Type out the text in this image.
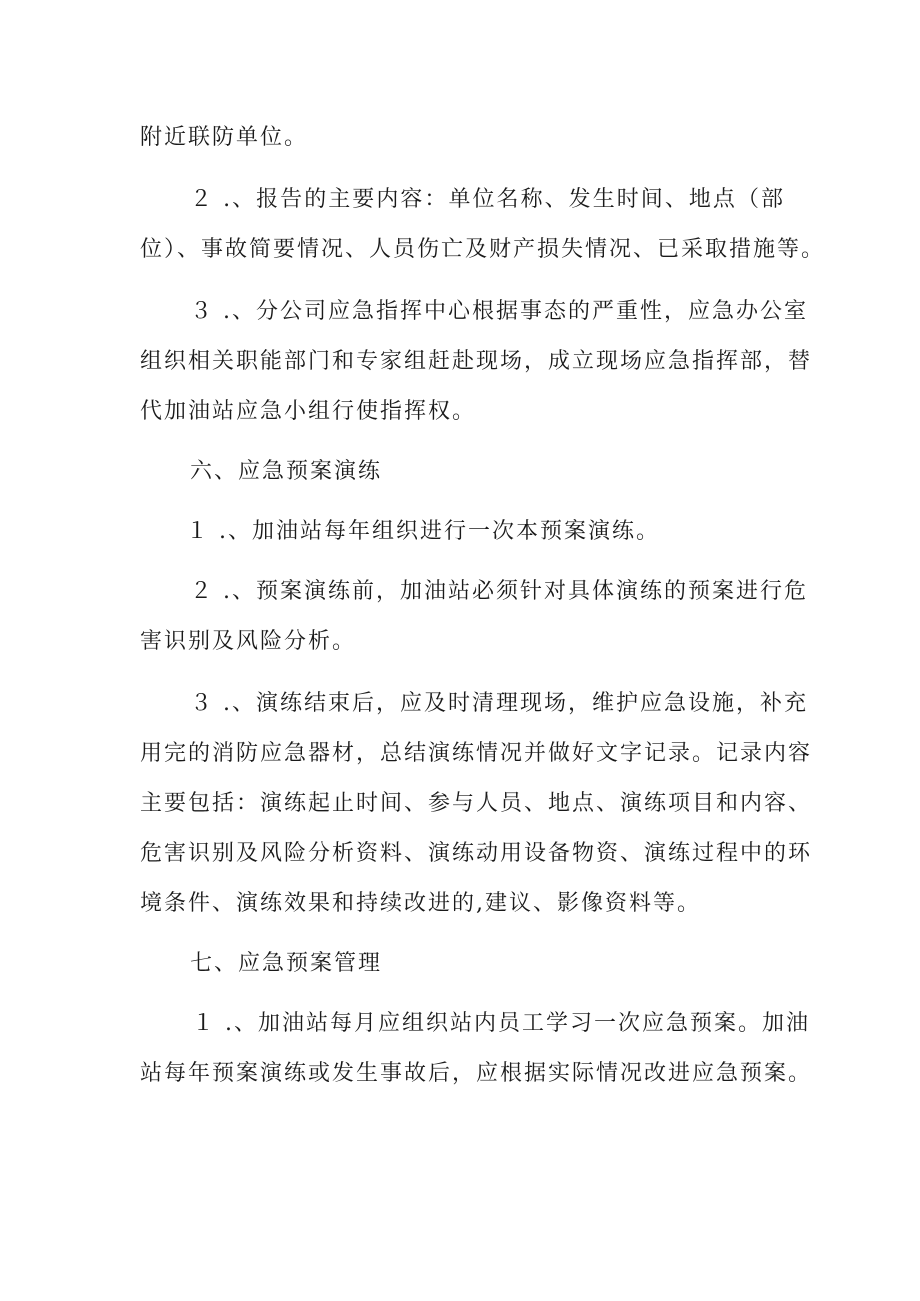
附近联防单位。
２ .、报告的主要内容：单位名称、发生时间、地点（部
位）、事故简要情况、人员伤亡及财产损失情况、已采取措施等。
３ .、分公司应急指挥中心根据事态的严重性，应急办公室
组织相关职能部门和专家组赶赴现场，成立现场应急指挥部，替
代加油站应急小组行使指挥权。
六、应急预案演练
１ .、加油站每年组织进行一次本预案演练。
２ .、预案演练前，加油站必须针对具体演练的预案进行危
害识别及风险分析。
３ .、演练结束后，应及时清理现场，维护应急设施，补充
用完的消防应急器材，总结演练情况并做好文字记录。记录内容
主要包括：演练起止时间、参与人员、地点、演练项目和内容、
危害识别及风险分析资料、演练动用设备物资、演练过程中的环
境条件、演练效果和持续改进的,建议、影像资料等。
七、应急预案管理
１ .、加油站每月应组织站内员工学习一次应急预案。加油
站每年预案演练或发生事故后，应根据实际情况改进应急预案。
